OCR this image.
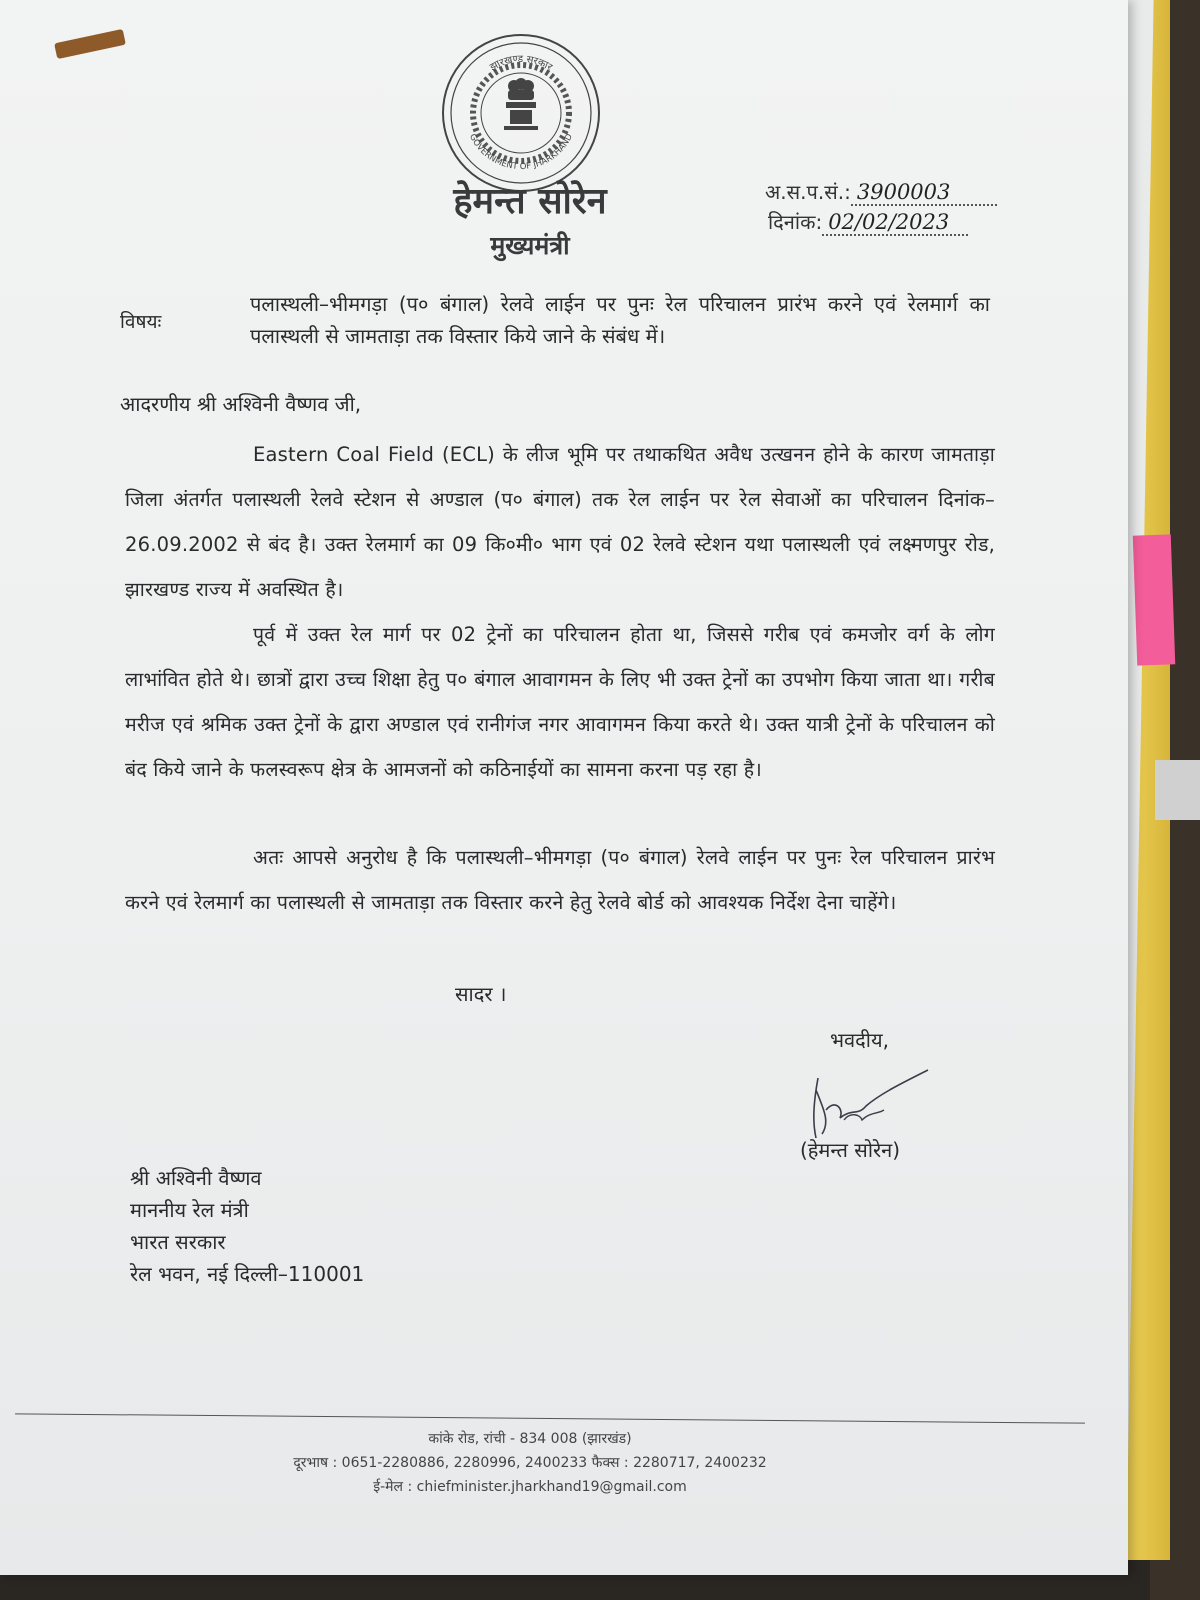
झारखण्ड सरकार
GOVERNMENT OF JHARKHAND
हेमन्त सोरेन
मुख्यमंत्री
अ.स.प.सं.: 3900003
दिनांक: 02/02/2023
विषयः
पलास्थली–भीमगड़ा (प० बंगाल) रेलवे लाईन पर पुनः रेल परिचालन प्रारंभ करने एवं रेलमार्ग का पलास्थली से जामताड़ा तक विस्तार किये जाने के संबंध में।
आदरणीय श्री अश्विनी वैष्णव जी,
Eastern Coal Field (ECL) के लीज भूमि पर तथाकथित अवैध उत्खनन होने के कारण जामताड़ा जिला अंतर्गत पलास्थली रेलवे स्टेशन से अण्डाल (प० बंगाल) तक रेल लाईन पर रेल सेवाओं का परिचालन दिनांक–26.09.2002 से बंद है। उक्त रेलमार्ग का 09 कि०मी० भाग एवं 02 रेलवे स्टेशन यथा पलास्थली एवं लक्ष्मणपुर रोड, झारखण्ड राज्य में अवस्थित है।
पूर्व में उक्त रेल मार्ग पर 02 ट्रेनों का परिचालन होता था, जिससे गरीब एवं कमजोर वर्ग के लोग लाभांवित होते थे। छात्रों द्वारा उच्च शिक्षा हेतु प० बंगाल आवागमन के लिए भी उक्त ट्रेनों का उपभोग किया जाता था। गरीब मरीज एवं श्रमिक उक्त ट्रेनों के द्वारा अण्डाल एवं रानीगंज नगर आवागमन किया करते थे। उक्त यात्री ट्रेनों के परिचालन को बंद किये जाने के फलस्वरूप क्षेत्र के आमजनों को कठिनाईयों का सामना करना पड़ रहा है।
अतः आपसे अनुरोध है कि पलास्थली–भीमगड़ा (प० बंगाल) रेलवे लाईन पर पुनः रेल परिचालन प्रारंभ करने एवं रेलमार्ग का पलास्थली से जामताड़ा तक विस्तार करने हेतु रेलवे बोर्ड को आवश्यक निर्देश देना चाहेंगे।
सादर ।
भवदीय,
(हेमन्त सोरेन)
श्री अश्विनी वैष्णव
माननीय रेल मंत्री
भारत सरकार
रेल भवन, नई दिल्ली–110001
कांके रोड, रांची - 834 008 (झारखंड)
दूरभाष : 0651-2280886, 2280996, 2400233 फैक्स : 2280717, 2400232
ई-मेल : chiefminister.jharkhand19@gmail.com
